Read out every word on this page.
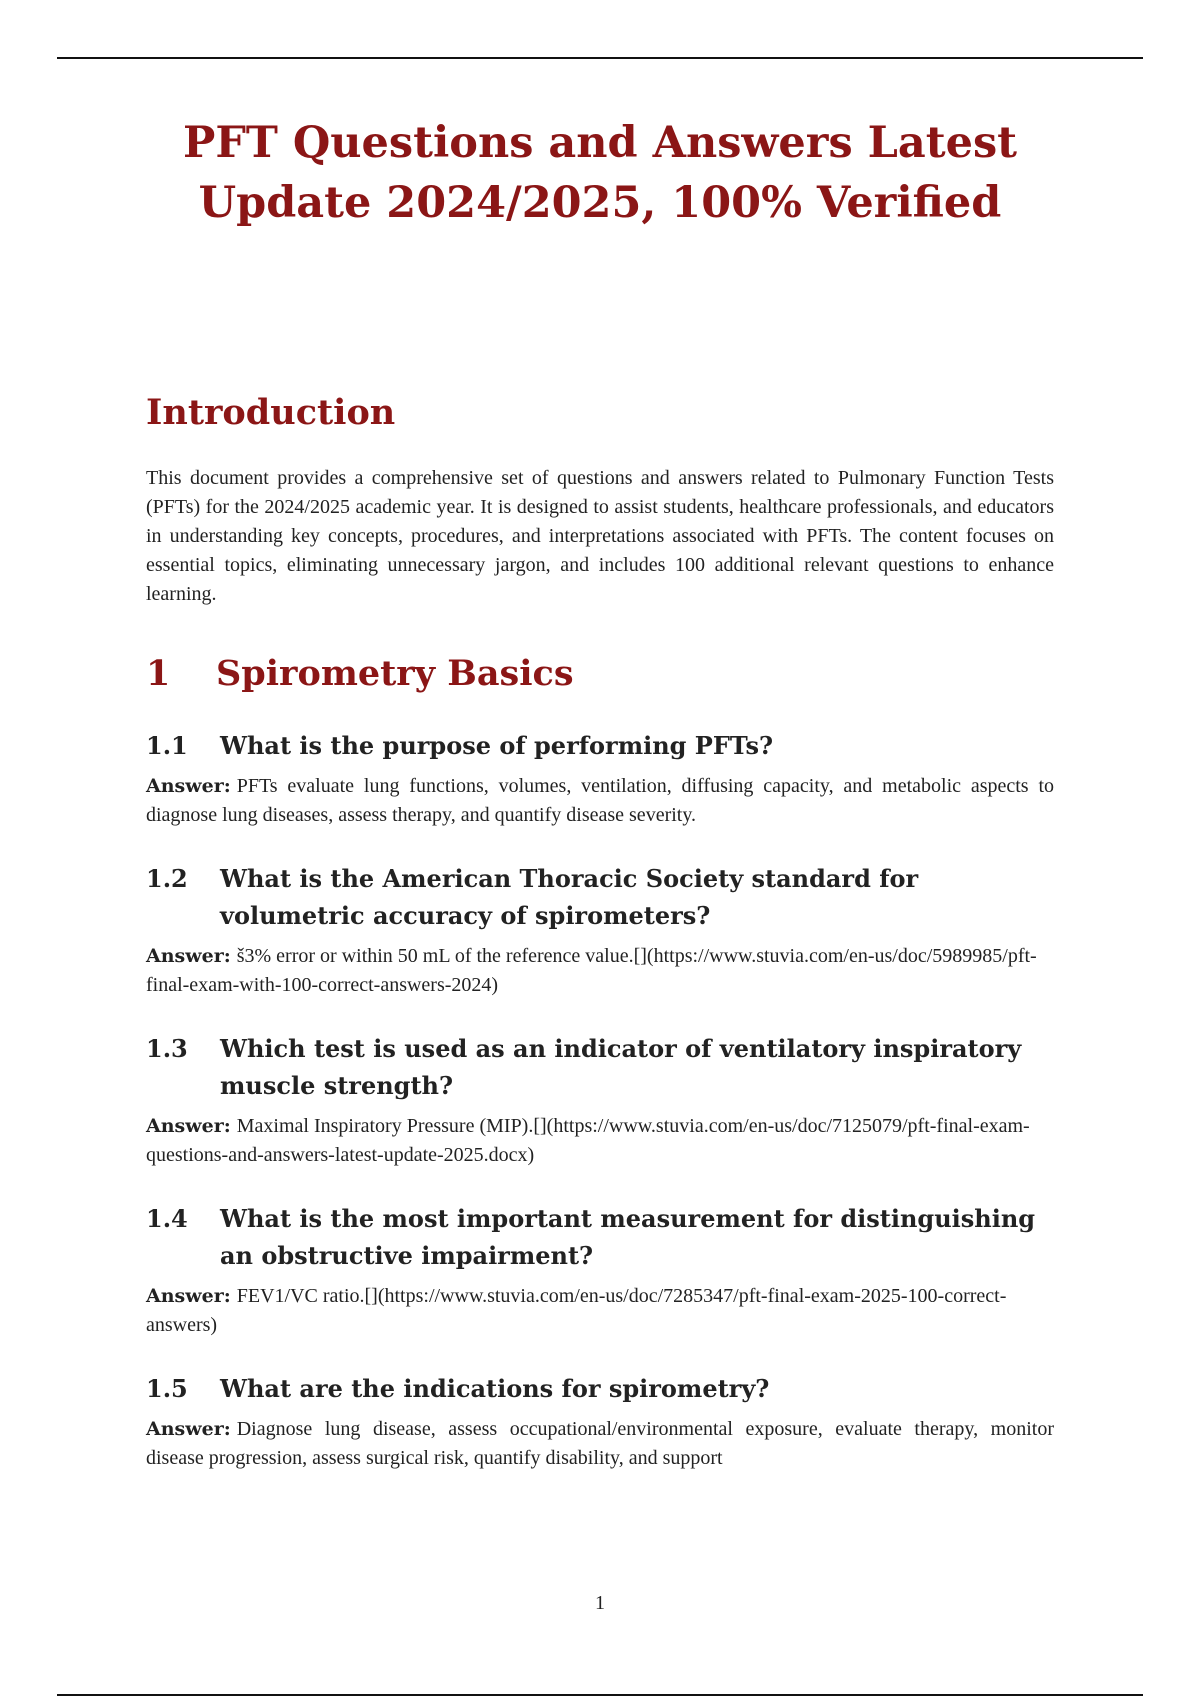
PFT Questions and Answers Latest Update 2024/2025, 100% Verified
Introduction

This document provides a comprehensive set of questions and answers related to Pulmonary Function Tests (PFTs) for the 2024/2025 academic year. It is designed to assist students, healthcare professionals, and educators in understanding key concepts, procedures, and interpretations associated with PFTs. The content focuses on essential topics, eliminating unnecessary jargon, and includes 100 additional relevant questions to enhance learning.

1	Spirometry Basics
1.1	What is the purpose of performing PFTs?

Answer: PFTs evaluate lung functions, volumes, ventilation, diffusing capacity, and metabolic aspects to diagnose lung diseases, assess therapy, and quantify disease severity.

1.2	What is the American Thoracic Society standard for volumetric accuracy of spirometers?

Answer: š3% error or within 50 mL of the reference value.[](https://www.stuvia.com/en-us/doc/5989985/pft-final-exam-with-100-correct-answers-2024)

1.3	Which test is used as an indicator of ventilatory inspiratory muscle strength?

Answer: Maximal Inspiratory Pressure (MIP).[](https://www.stuvia.com/en-us/doc/7125079/pft-final-exam-questions-and-answers-latest-update-2025.docx)

1.4	What is the most important measurement for distinguishing an obstructive impairment?

Answer: FEV1/VC ratio.[](https://www.stuvia.com/en-us/doc/7285347/pft-final-exam-2025-100-correct-answers)

1.5	What are the indications for spirometry?

Answer: Diagnose lung disease, assess occupational/environmental exposure, evaluate therapy, monitor disease progression, assess surgical risk, quantify disability, and support

1
